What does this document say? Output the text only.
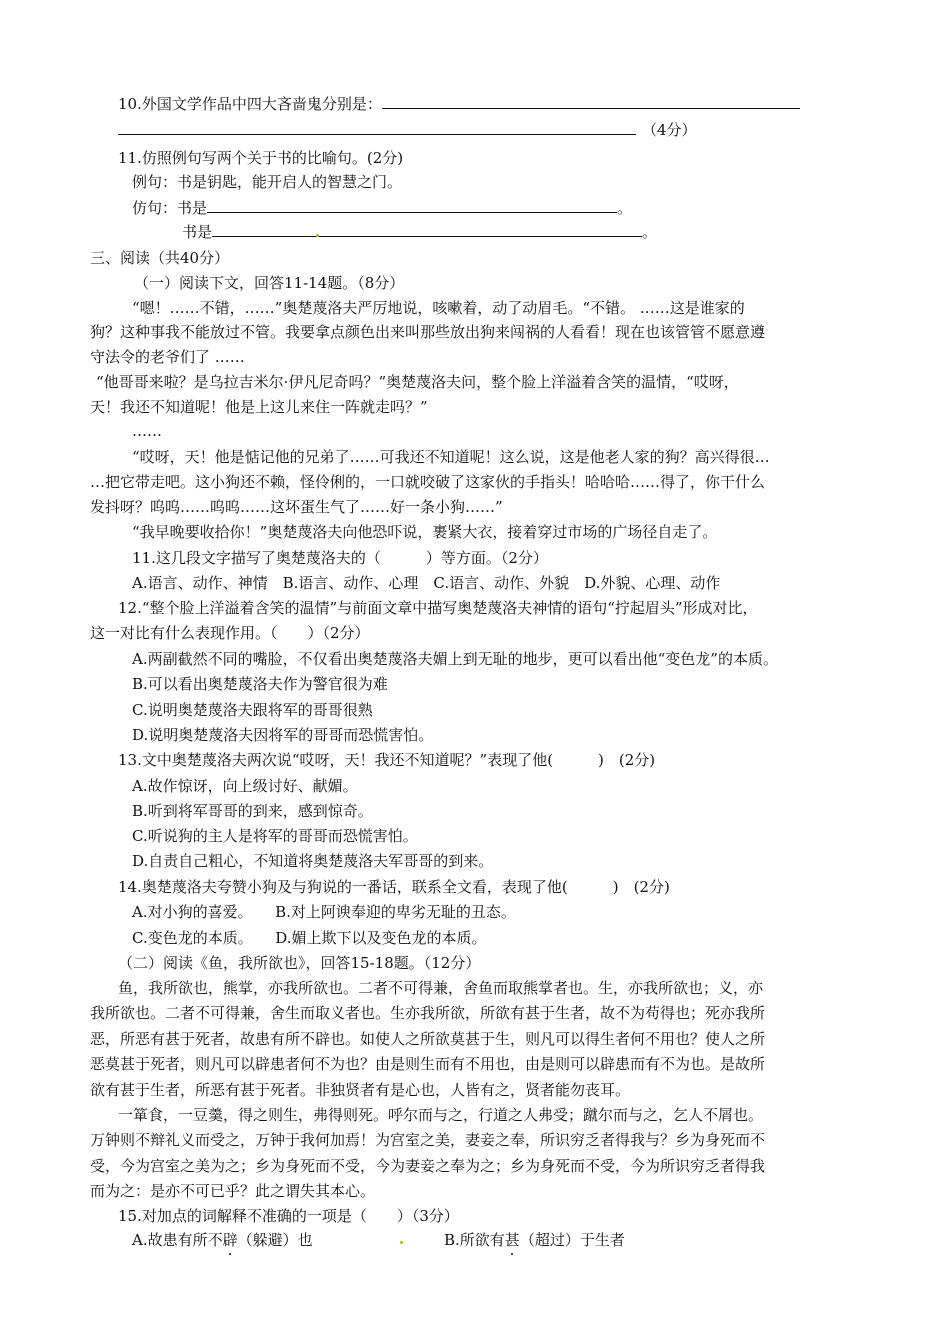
10.外国文学作品中四大吝啬鬼分别是：
（4分）
11.仿照例句写两个关于书的比喻句。(2分)
例句：书是钥匙，能开启人的智慧之门。
仿句：书是	。
书是	。
三、阅读（共40分）
（一）阅读下文，回答11-14题。（8分）
“嗯！……不错，……”奥楚蔑洛夫严厉地说，咳嗽着，动了动眉毛。“不错。 ……这是谁家的
狗？这种事我不能放过不管。我要拿点颜色出来叫那些放出狗来闯祸的人看看！现在也该管管不愿意遵
守法令的老爷们了 ……
“他哥哥来啦？是乌拉吉米尔·伊凡尼奇吗？”奥楚蔑洛夫问，整个脸上洋溢着含笑的温情，“哎呀，
天！我还不知道呢！他是上这儿来住一阵就走吗？”
……
“哎呀，天！他是惦记他的兄弟了……可我还不知道呢！这么说，这是他老人家的狗？高兴得很…
…把它带走吧。这小狗还不赖，怪伶俐的，一口就咬破了这家伙的手指头！哈哈哈……得了，你干什么
发抖呀？呜呜……呜呜……这坏蛋生气了……好一条小狗……”
“我早晚要收拾你！”奥楚蔑洛夫向他恐吓说，裹紧大衣，接着穿过市场的广场径自走了。
11.这几段文字描写了奥楚蔑洛夫的（　　　）等方面。（2分）
A.语言、动作、神情　B.语言、动作、心理　C.语言、动作、外貌　D.外貌、心理、动作
12.“整个脸上洋溢着含笑的温情”与前面文章中描写奥楚蔑洛夫神情的语句“拧起眉头”形成对比，
这一对比有什么表现作用。（　　）（2分）
A.两副截然不同的嘴脸，不仅看出奥楚蔑洛夫媚上到无耻的地步，更可以看出他“变色龙”的本质。
B.可以看出奥楚蔑洛夫作为警官很为难
C.说明奥楚蔑洛夫跟将军的哥哥很熟
D.说明奥楚蔑洛夫因将军的哥哥而恐慌害怕。
13.文中奥楚蔑洛夫两次说“哎呀，天！我还不知道呢？”表现了他(　　　)　(2分)
A.故作惊讶，向上级讨好、献媚。
B.听到将军哥哥的到来，感到惊奇。
C.听说狗的主人是将军的哥哥而恐慌害怕。
D.自责自己粗心，不知道将奥楚蔑洛夫军哥哥的到来。
14.奥楚蔑洛夫夸赞小狗及与狗说的一番话，联系全文看，表现了他(　　　)　(2分)
A.对小狗的喜爱。　　B.对上阿谀奉迎的卑劣无耻的丑态。
C.变色龙的本质。　　D.媚上欺下以及变色龙的本质。
（二）阅读《鱼，我所欲也》，回答15-18题。（12分）
鱼，我所欲也，熊掌，亦我所欲也。二者不可得兼，舍鱼而取熊掌者也。生，亦我所欲也；义，亦
我所欲也。二者不可得兼，舍生而取义者也。生亦我所欲，所欲有甚于生者，故不为苟得也；死亦我所
恶，所恶有甚于死者，故患有所不辟也。如使人之所欲莫甚于生，则凡可以得生者何不用也？使人之所
恶莫甚于死者，则凡可以辟患者何不为也？由是则生而有不用也，由是则可以辟患而有不为也。是故所
欲有甚于生者，所恶有甚于死者。非独贤者有是心也，人皆有之，贤者能勿丧耳。
一箪食，一豆羹，得之则生，弗得则死。呼尔而与之，行道之人弗受；蹴尔而与之，乞人不屑也。
万钟则不辩礼义而受之，万钟于我何加焉！为宫室之美，妻妾之奉，所识穷乏者得我与？乡为身死而不
受，今为宫室之美为之；乡为身死而不受，今为妻妾之奉为之；乡为身死而不受，今为所识穷乏者得我
而为之：是亦不可已乎？此之谓失其本心。
15.对加点的词解释不准确的一项是（　　）（3分）
A.故患有所不辟（躲避）也	B.所欲有甚（超过）于生者
